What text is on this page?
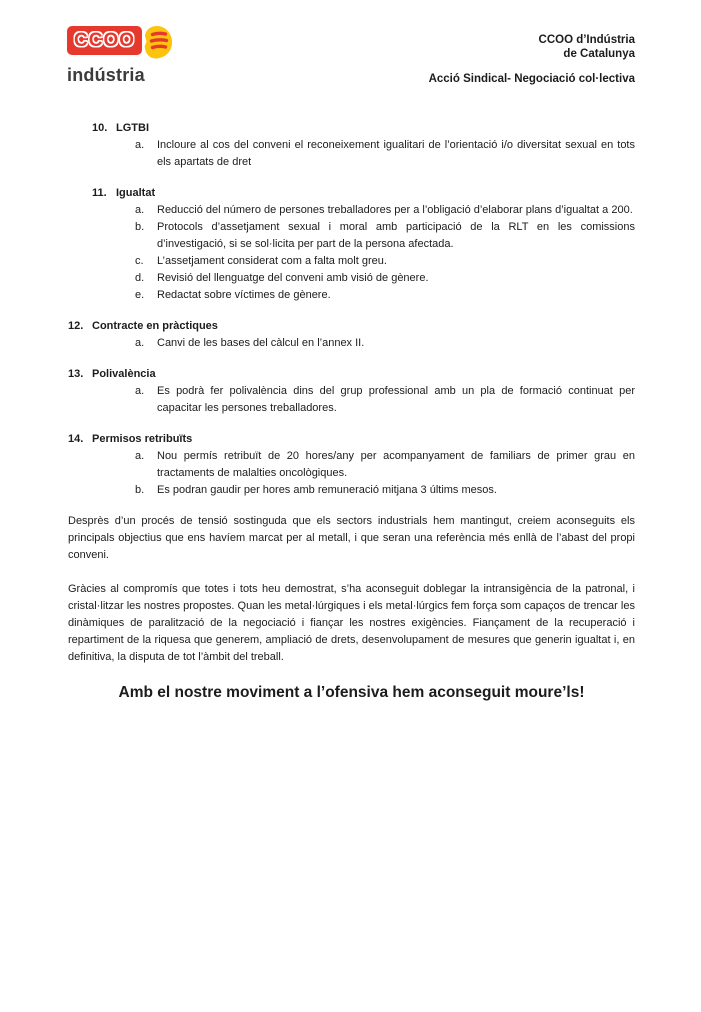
CCOO
indústria
CCOO d’Indústria
de Catalunya
Acció Sindical- Negociació col·lectiva
10. LGTBI
a.	Incloure al cos del conveni el reconeixement igualitari de l’orientació i/o diversitat sexual en tots els apartats de dret
11. Igualtat
a.	Reducció del número de persones treballadores per a l’obligació d’elaborar plans d’igualtat a 200.
b.	Protocols d’assetjament sexual i moral amb participació de la RLT en les comissions d’investigació, si se sol·licita per part de la persona afectada.
c.	L’assetjament considerat com a falta molt greu.
d.	Revisió del llenguatge del conveni amb visió de gènere.
e.	Redactat sobre víctimes de gènere.
12. Contracte en pràctiques
a.	Canvi de les bases del càlcul en l’annex II.
13. Polivalència
a.	Es podrà fer polivalència dins del grup professional amb un pla de formació continuat per capacitar les persones treballadores.
14. Permisos retribuïts
a.	Nou permís retribuït de 20 hores/any per acompanyament de familiars de primer grau en tractaments de malalties oncològiques.
b.	Es podran gaudir per hores amb remuneració mitjana 3 últims mesos.

Desprès d’un procés de tensió sostinguda que els sectors industrials hem mantingut, creiem aconseguits els principals objectius que ens havíem marcat per al metall, i que seran una referència més enllà de l’abast del propi conveni.

Gràcies al compromís que totes i tots heu demostrat, s’ha aconseguit doblegar la intransigència de la patronal, i cristal·litzar les nostres propostes. Quan les metal·lúrgiques i els metal·lúrgics fem força som capaços de trencar les dinàmiques de paralització de la negociació i fiançar les nostres exigències. Fiançament de la recuperació i repartiment de la riquesa que generem, ampliació de drets, desenvolupament de mesures que generin igualtat i, en definitiva, la disputa de tot l’àmbit del treball.

Amb el nostre moviment a l’ofensiva hem aconseguit moure’ls!
